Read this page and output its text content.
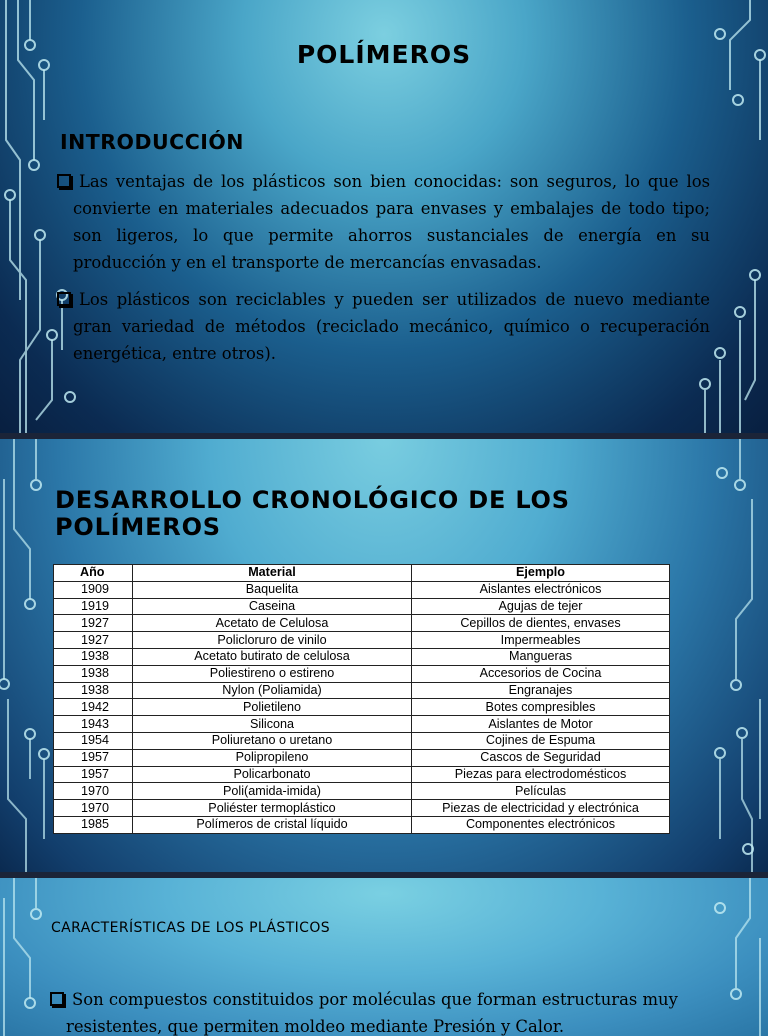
POLÍMEROS
INTRODUCCIÓN
Las ventajas de los plásticos son bien conocidas: son seguros, lo que los convierte en materiales adecuados para envases y embalajes de todo tipo; son ligeros, lo que permite ahorros sustanciales de energía en su producción y en el transporte de mercancías envasadas.
Los plásticos son reciclables y pueden ser utilizados de nuevo mediante gran variedad de métodos (reciclado mecánico, químico o recuperación energética, entre otros).
DESARROLLO CRONOLÓGICO DE LOS
POLÍMEROS
Año	Material	Ejemplo
1909	Baquelita	Aislantes electrónicos
1919	Caseina	Agujas de tejer
1927	Acetato de Celulosa	Cepillos de dientes, envases
1927	Policloruro de vinilo	Impermeables
1938	Acetato butirato de celulosa	Mangueras
1938	Poliestireno o estireno	Accesorios de Cocina
1938	Nylon (Poliamida)	Engranajes
1942	Polietileno	Botes compresibles
1943	Silicona	Aislantes de Motor
1954	Poliuretano o uretano	Cojines de Espuma
1957	Polipropileno	Cascos de Seguridad
1957	Policarbonato	Piezas para electrodomésticos
1970	Poli(amida-imida)	Películas
1970	Poliéster termoplástico	Piezas de electricidad y electrónica
1985	Polímeros de cristal líquido	Componentes electrónicos
CARACTERÍSTICAS DE LOS PLÁSTICOS
Son compuestos constituidos por moléculas que forman estructuras muy resistentes, que permiten moldeo mediante Presión y Calor.
